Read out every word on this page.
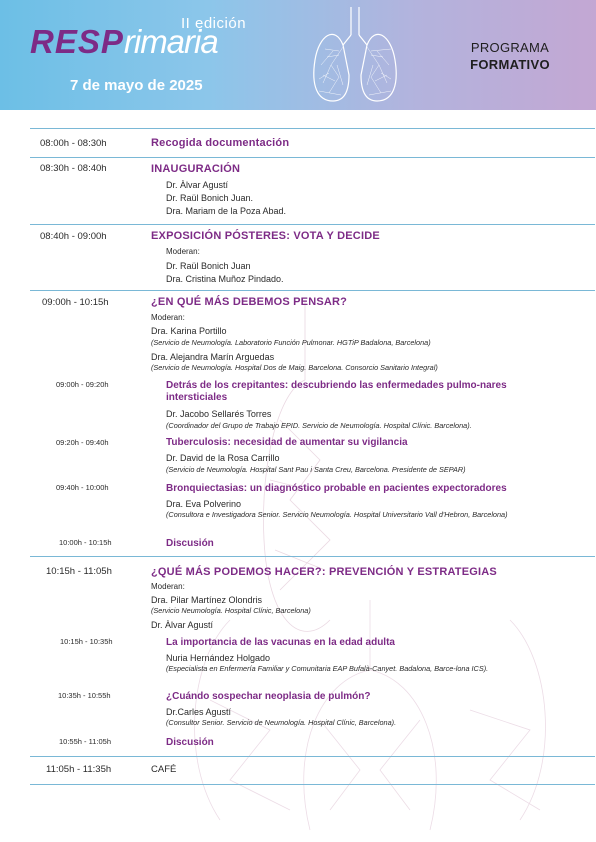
II edición
RESPrimaria
7 de mayo de 2025
PROGRAMA
FORMATIVO
08:00h - 08:30h	Recogida documentación
08:30h - 08:40h	INAUGURACIÓN
Dr. Àlvar Agustí
Dr. Raül Bonich Juan.
Dra. Mariam de la Poza Abad.
08:40h - 09:00h	EXPOSICIÓN PÓSTERES: VOTA Y DECIDE
Moderan:
Dr. Raül Bonich Juan
Dra. Cristina Muñoz Pindado.
09:00h - 10:15h	¿EN QUÉ MÁS DEBEMOS PENSAR?
Moderan:
Dra. Karina Portillo
(Servicio de Neumología. Laboratorio Función Pulmonar. HGTiP Badalona, Barcelona)
Dra. Alejandra Marín Arguedas
(Servicio de Neumología. Hospital Dos de Maig. Barcelona. Consorcio Sanitario Integral)
09:00h - 09:20h	Detrás de los crepitantes: descubriendo las enfermedades pulmo-nares intersticiales
Dr. Jacobo Sellarés Torres
(Coordinador del Grupo de Trabajo EPID. Servicio de Neumología. Hospital Clínic. Barcelona).
09:20h - 09:40h	Tuberculosis: necesidad de aumentar su vigilancia
Dr. David de la Rosa Carrillo
(Servicio de Neumología. Hospital Sant Pau i Santa Creu, Barcelona. Presidente de SEPAR)
09:40h - 10:00h	Bronquiectasias: un diagnóstico probable en pacientes expectoradores
Dra. Eva Polverino
(Consultora e Investigadora Senior. Servicio Neumología. Hospital Universitario Vall d'Hebron, Barcelona)
10:00h - 10:15h	Discusión
10:15h - 11:05h	¿QUÉ MÁS PODEMOS HACER?: PREVENCIÓN Y ESTRATEGIAS
Moderan:
Dra. Pilar Martínez Olondris
(Servicio Neumología. Hospital Clínic, Barcelona)
Dr. Àlvar Agustí
10:15h - 10:35h	La importancia de las vacunas en la edad adulta
Nuria Hernández Holgado
(Especialista en Enfermería Familiar y Comunitaria EAP Bufalà-Canyet. Badalona, Barce-lona ICS).
10:35h - 10:55h	¿Cuándo sospechar neoplasia de pulmón?
Dr.Carles Agustí
(Consultor Senior. Servicio de Neumología. Hospital Clínic, Barcelona).
10:55h - 11:05h	Discusión
11:05h - 11:35h	CAFÉ
